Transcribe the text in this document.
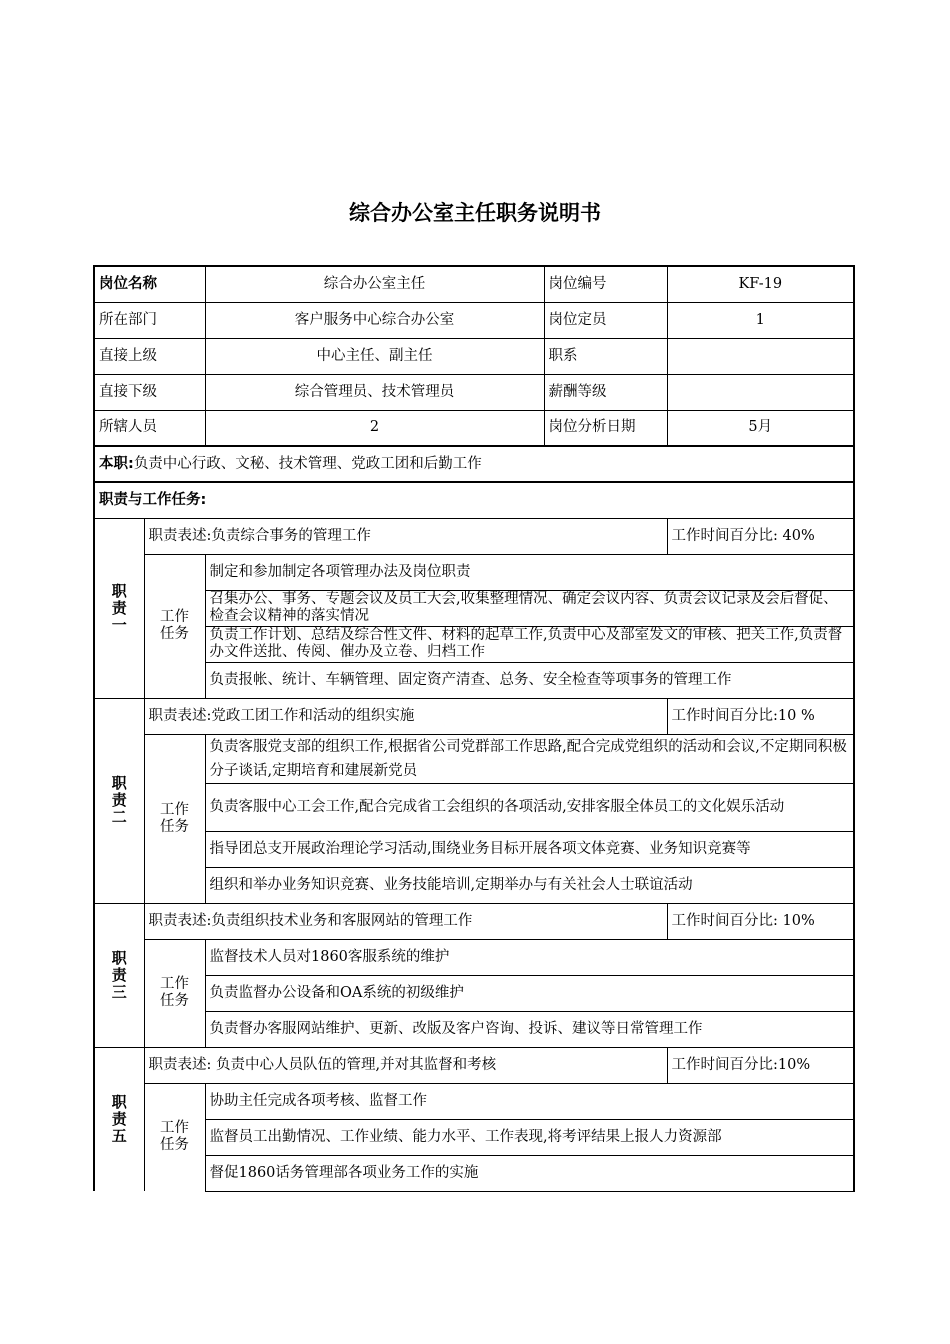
综合办公室主任职务说明书
岗位名称		综合办公室主任	岗位编号	KF-19
所在部门		客户服务中心综合办公室	岗位定员	1
直接上级		中心主任、副主任	职系	
直接下级		综合管理员、技术管理员	薪酬等级	
所辖人员		2	岗位分析日期	5月
本职:负责中心行政、文秘、技术管理、党政工团和后勤工作				
职责与工作任务:				
职
责
一	职责表述:负责综合事务的管理工作			工作时间百分比: 40%
	工作
任务	制定和参加制定各项管理办法及岗位职责		
		召集办公、事务、专题会议及员工大会,收集整理情况、确定会议内容、负责会议记录及会后督促、检查会议精神的落实情况		
		负责工作计划、总结及综合性文件、材料的起草工作,负责中心及部室发文的审核、把关工作,负责督办文件送批、传阅、催办及立卷、归档工作		
		负责报帐、统计、车辆管理、固定资产清查、总务、安全检查等项事务的管理工作		
职
责
二	职责表述:党政工团工作和活动的组织实施			工作时间百分比:10 %
	工作
任务	负责客服党支部的组织工作,根据省公司党群部工作思路,配合完成党组织的活动和会议,不定期同积极分子谈话,定期培育和建展新党员		
		负责客服中心工会工作,配合完成省工会组织的各项活动,安排客服全体员工的文化娱乐活动		
		指导团总支开展政治理论学习活动,围绕业务目标开展各项文体竞赛、业务知识竞赛等		
		组织和举办业务知识竞赛、业务技能培训,定期举办与有关社会人士联谊活动		
职
责
三	职责表述:负责组织技术业务和客服网站的管理工作			工作时间百分比: 10%
	工作
任务	监督技术人员对1860客服系统的维护		
		负责监督办公设备和OA系统的初级维护		
		负责督办客服网站维护、更新、改版及客户咨询、投诉、建议等日常管理工作		
职
责
五	职责表述: 负责中心人员队伍的管理,并对其监督和考核			工作时间百分比:10%
	工作
任务	协助主任完成各项考核、监督工作		
		监督员工出勤情况、工作业绩、能力水平、工作表现,将考评结果上报人力资源部		
		督促1860话务管理部各项业务工作的实施		
